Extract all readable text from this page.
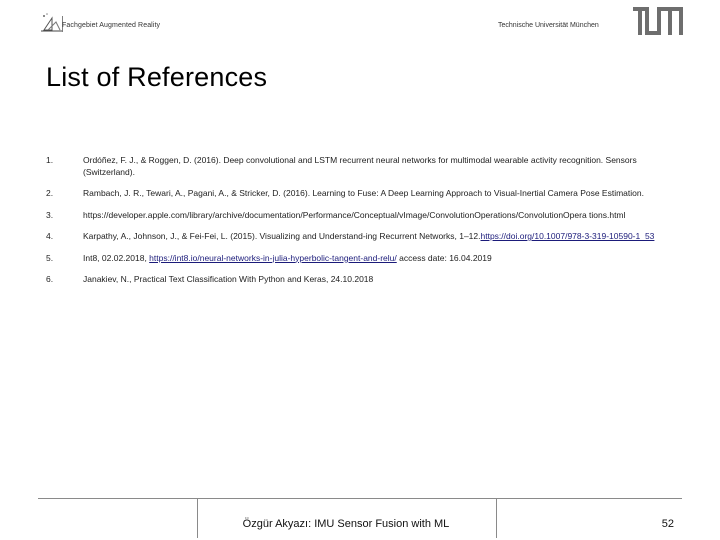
Fachgebiet Augmented Reality	Technische Universität München
List of References
1.	Ordóñez, F. J., & Roggen, D. (2016). Deep convolutional and LSTM recurrent neural networks for multimodal wearable activity recognition. Sensors (Switzerland).
2.	Rambach, J. R., Tewari, A., Pagani, A., & Stricker, D. (2016). Learning to Fuse: A Deep Learning Approach to Visual-Inertial Camera Pose Estimation.
3.	https://developer.apple.com/library/archive/documentation/Performance/Conceptual/vImage/ConvolutionOperations/ConvolutionOpera tions.html
4.	Karpathy, A., Johnson, J., & Fei-Fei, L. (2015). Visualizing and Understand-ing Recurrent Networks, 1–12.https://doi.org/10.1007/978-3-319-10590-1_53
5.	Int8, 02.02.2018, https://int8.io/neural-networks-in-julia-hyperbolic-tangent-and-relu/ access date: 16.04.2019
6.	Janakiev, N., Practical Text Classification With Python and Keras, 24.10.2018
Özgür Akyazı: IMU Sensor Fusion with ML	52
